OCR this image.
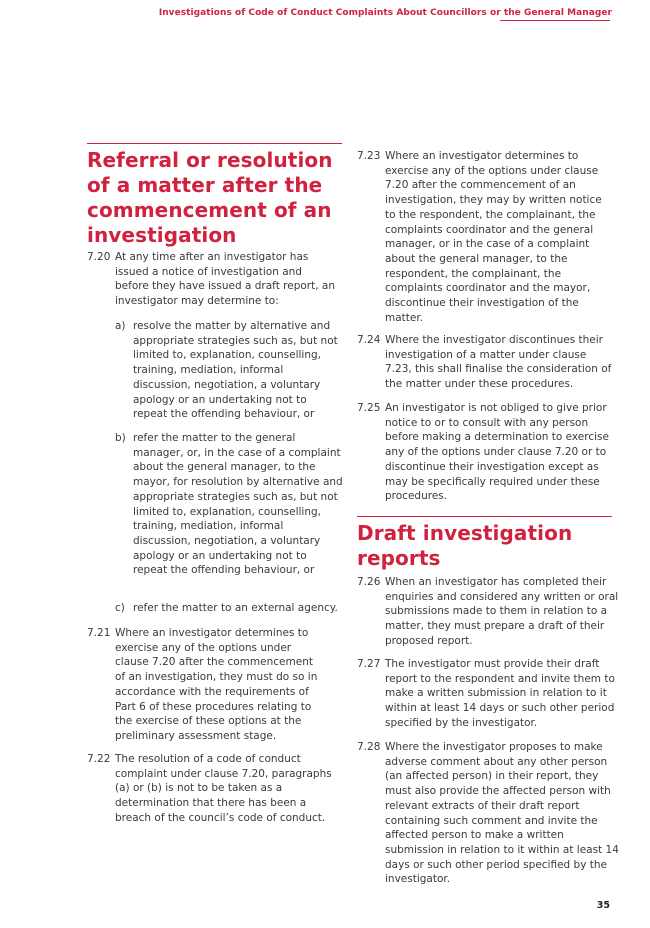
Investigations of Code of Conduct Complaints About Councillors or the General Manager
Referral or resolution of a matter after the commencement of an investigation
7.20 At any time after an investigator has issued a notice of investigation and before they have issued a draft report, an investigator may determine to:
a) resolve the matter by alternative and appropriate strategies such as, but not limited to, explanation, counselling, training, mediation, informal discussion, negotiation, a voluntary apology or an undertaking not to repeat the offending behaviour, or
b) refer the matter to the general manager, or, in the case of a complaint about the general manager, to the mayor, for resolution by alternative and appropriate strategies such as, but not limited to, explanation, counselling, training, mediation, informal discussion, negotiation, a voluntary apology or an undertaking not to repeat the offending behaviour, or
c) refer the matter to an external agency.
7.21 Where an investigator determines to exercise any of the options under clause 7.20 after the commencement of an investigation, they must do so in accordance with the requirements of Part 6 of these procedures relating to the exercise of these options at the preliminary assessment stage.
7.22 The resolution of a code of conduct complaint under clause 7.20, paragraphs (a) or (b) is not to be taken as a determination that there has been a breach of the council’s code of conduct.
7.23 Where an investigator determines to exercise any of the options under clause 7.20 after the commencement of an investigation, they may by written notice to the respondent, the complainant, the complaints coordinator and the general manager, or in the case of a complaint about the general manager, to the respondent, the complainant, the complaints coordinator and the mayor, discontinue their investigation of the matter.
7.24 Where the investigator discontinues their investigation of a matter under clause 7.23, this shall finalise the consideration of the matter under these procedures.
7.25 An investigator is not obliged to give prior notice to or to consult with any person before making a determination to exercise any of the options under clause 7.20 or to discontinue their investigation except as may be specifically required under these procedures.
Draft investigation reports
7.26 When an investigator has completed their enquiries and considered any written or oral submissions made to them in relation to a matter, they must prepare a draft of their proposed report.
7.27 The investigator must provide their draft report to the respondent and invite them to make a written submission in relation to it within at least 14 days or such other period specified by the investigator.
7.28 Where the investigator proposes to make adverse comment about any other person (an affected person) in their report, they must also provide the affected person with relevant extracts of their draft report containing such comment and invite the affected person to make a written submission in relation to it within at least 14 days or such other period specified by the investigator.
35
